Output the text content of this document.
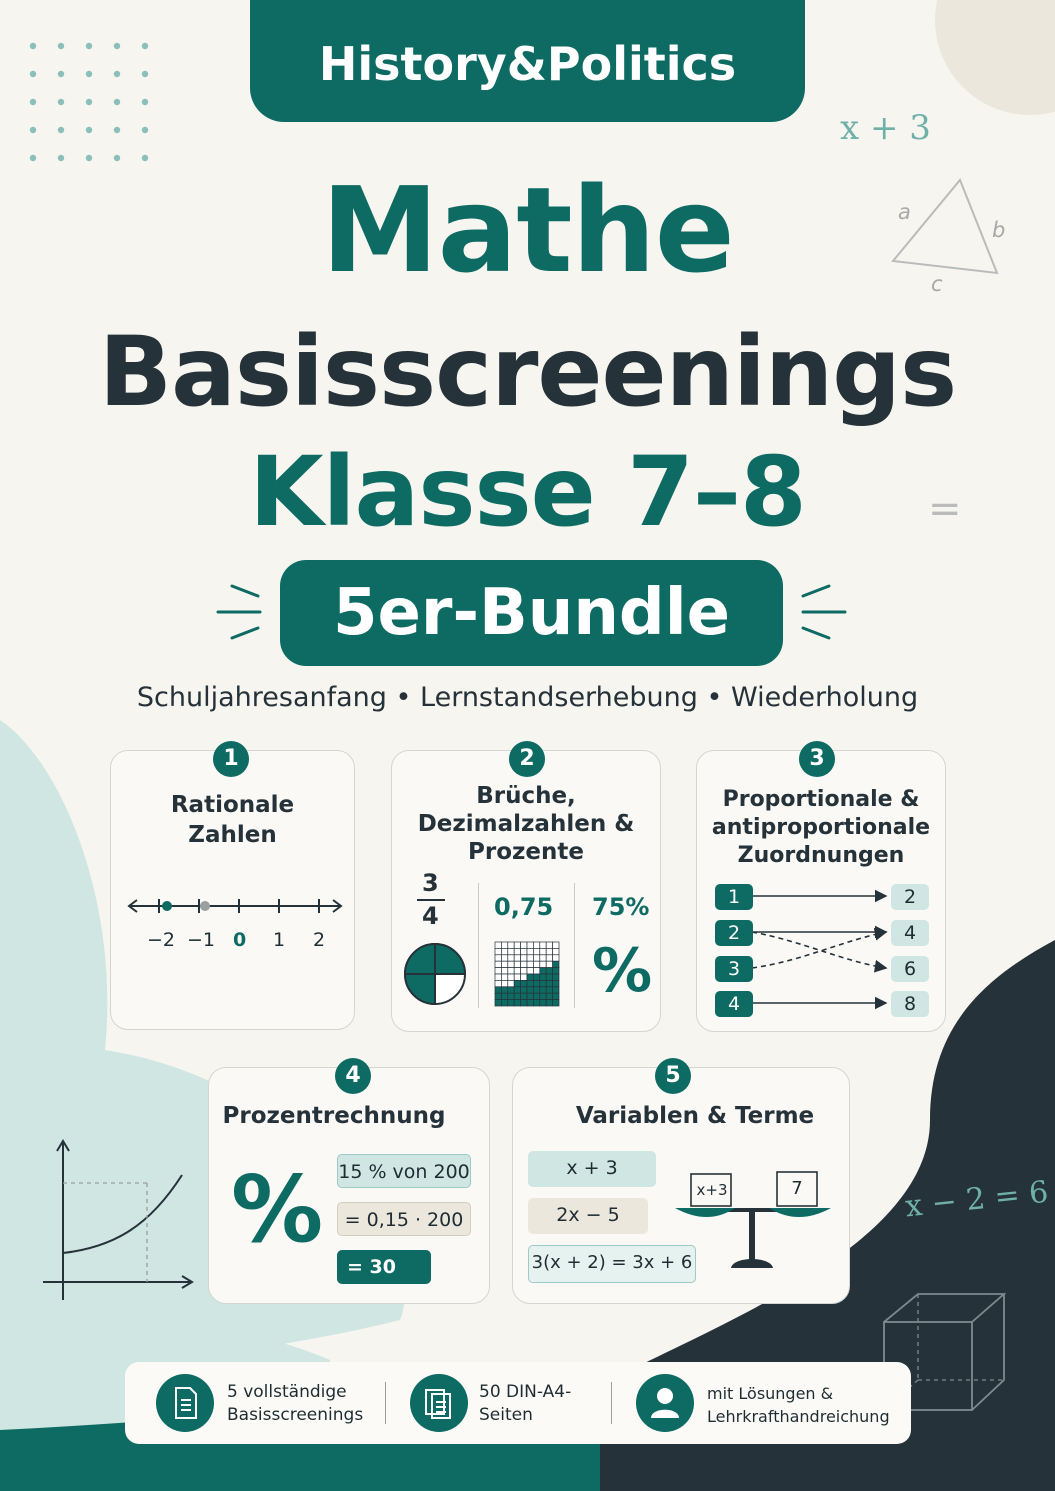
History&Politics
x + 3
a
b
c
=
Mathe
Basisscreenings
Klasse 7–8
5er-Bundle
Schuljahresanfang • Lernstandserhebung • Wiederholung
1
Rationale
Zahlen
−2 −1 0 1 2
2
Brüche,
Dezimalzahlen &
Prozente
3
4 0,75 75%
%
3
Proportionale &
antiproportionale
Zuordnungen
1
2
3
4
2
4
6
8
4
Prozentrechnung
% 15 % von 200
= 0,15 · 200
= 30
5
Variablen & Terme
x + 3
2x − 5
3(x + 2) = 3x + 6
x+3	7	x − 2 = 6
5 vollständige
Basisscreenings
50 DIN-A4-
Seiten
mit Lösungen &
Lehrkrafthandreichung
